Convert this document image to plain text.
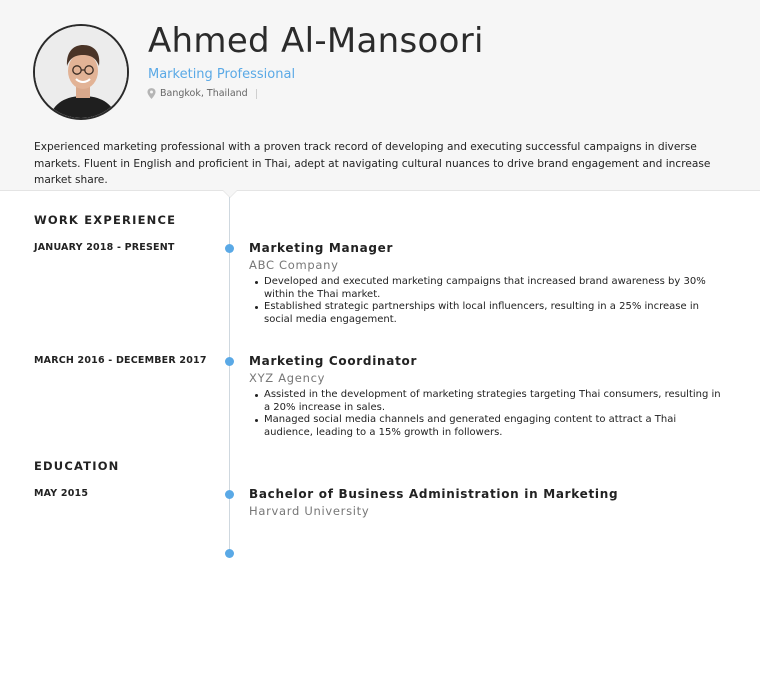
Ahmed Al-Mansoori
Marketing Professional
Bangkok, Thailand

Experienced marketing professional with a proven track record of developing and executing successful campaigns in diverse markets. Fluent in English and proficient in Thai, adept at navigating cultural nuances to drive brand engagement and increase market share.

WORK EXPERIENCE
JANUARY 2018 - PRESENT	Marketing Manager
ABC Company
Developed and executed marketing campaigns that increased brand awareness by 30% within the Thai market.
Established strategic partnerships with local influencers, resulting in a 25% increase in social media engagement.
MARCH 2016 - DECEMBER 2017	Marketing Coordinator
XYZ Agency
Assisted in the development of marketing strategies targeting Thai consumers, resulting in a 20% increase in sales.
Managed social media channels and generated engaging content to attract a Thai audience, leading to a 15% growth in followers.
EDUCATION
MAY 2015	Bachelor of Business Administration in Marketing
Harvard University
